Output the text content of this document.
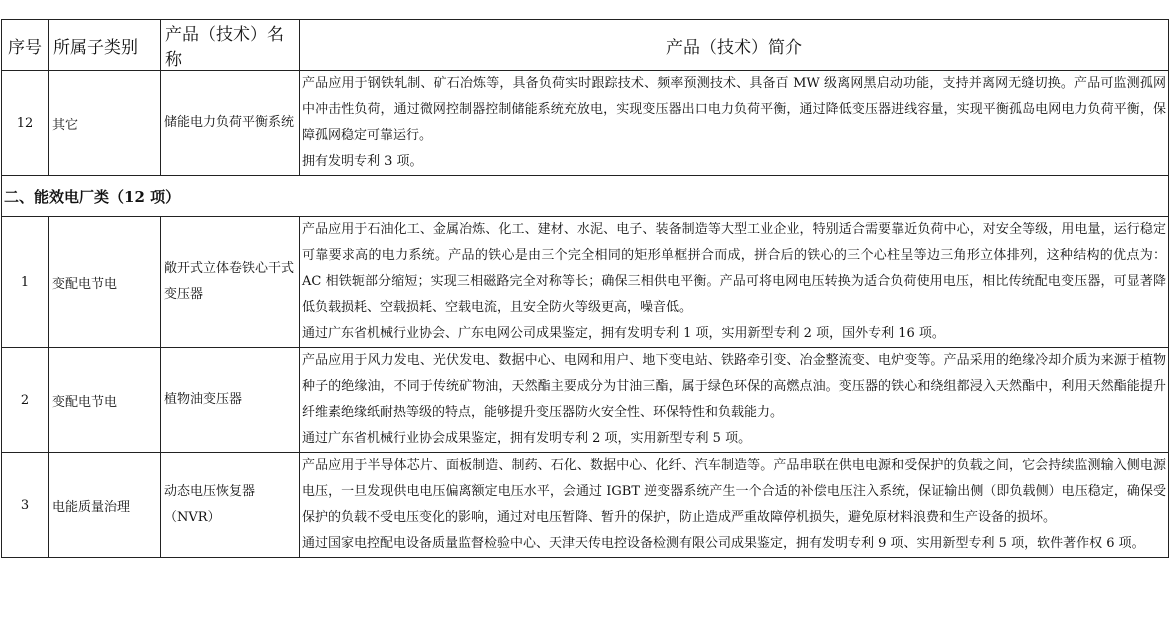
序号	所属子类别	产品（技术）名称	产品（技术）简介
12	其它	储能电力负荷平衡系统	产品应用于钢铁轧制、矿石冶炼等，具备负荷实时跟踪技术、频率预测技术、具备百 MW 级离网黑启动功能，支持并离网无缝切换。产品可监测孤网中冲击性负荷，通过微网控制器控制储能系统充放电，实现变压器出口电力负荷平衡，通过降低变压器进线容量，实现平衡孤岛电网电力负荷平衡，保障孤网稳定可靠运行。
拥有发明专利 3 项。

二、能效电厂类（12 项）			
1	变配电节电	敞开式立体卷铁心干式变压器	产品应用于石油化工、金属冶炼、化工、建材、水泥、电子、装备制造等大型工业企业，特别适合需要靠近负荷中心，对安全等级，用电量，运行稳定可靠要求高的电力系统。产品的铁心是由三个完全相同的矩形单框拼合而成，拼合后的铁心的三个心柱呈等边三角形立体排列，这种结构的优点为：AC 相铁轭部分缩短；实现三相磁路完全对称等长；确保三相供电平衡。产品可将电网电压转换为适合负荷使用电压，相比传统配电变压器，可显著降低负载损耗、空载损耗、空载电流，且安全防火等级更高，噪音低。
通过广东省机械行业协会、广东电网公司成果鉴定，拥有发明专利 1 项，实用新型专利 2 项，国外专利 16 项。

2	变配电节电	植物油变压器	产品应用于风力发电、光伏发电、数据中心、电网和用户、地下变电站、铁路牵引变、冶金整流变、电炉变等。产品采用的绝缘冷却介质为来源于植物种子的绝缘油，不同于传统矿物油，天然酯主要成分为甘油三酯，属于绿色环保的高燃点油。变压器的铁心和绕组都浸入天然酯中，利用天然酯能提升纤维素绝缘纸耐热等级的特点，能够提升变压器防火安全性、环保特性和负载能力。
通过广东省机械行业协会成果鉴定，拥有发明专利 2 项，实用新型专利 5 项。

3	电能质量治理	动态电压恢复器（NVR）	产品应用于半导体芯片、面板制造、制药、石化、数据中心、化纤、汽车制造等。产品串联在供电电源和受保护的负载之间，它会持续监测输入侧电源电压，一旦发现供电电压偏离额定电压水平，会通过 IGBT 逆变器系统产生一个合适的补偿电压注入系统，保证输出侧（即负载侧）电压稳定，确保受保护的负载不受电压变化的影响，通过对电压暂降、暂升的保护，防止造成严重故障停机损失，避免原材料浪费和生产设备的损坏。
通过国家电控配电设备质量监督检验中心、天津天传电控设备检测有限公司成果鉴定，拥有发明专利 9 项、实用新型专利 5 项，软件著作权 6 项。
